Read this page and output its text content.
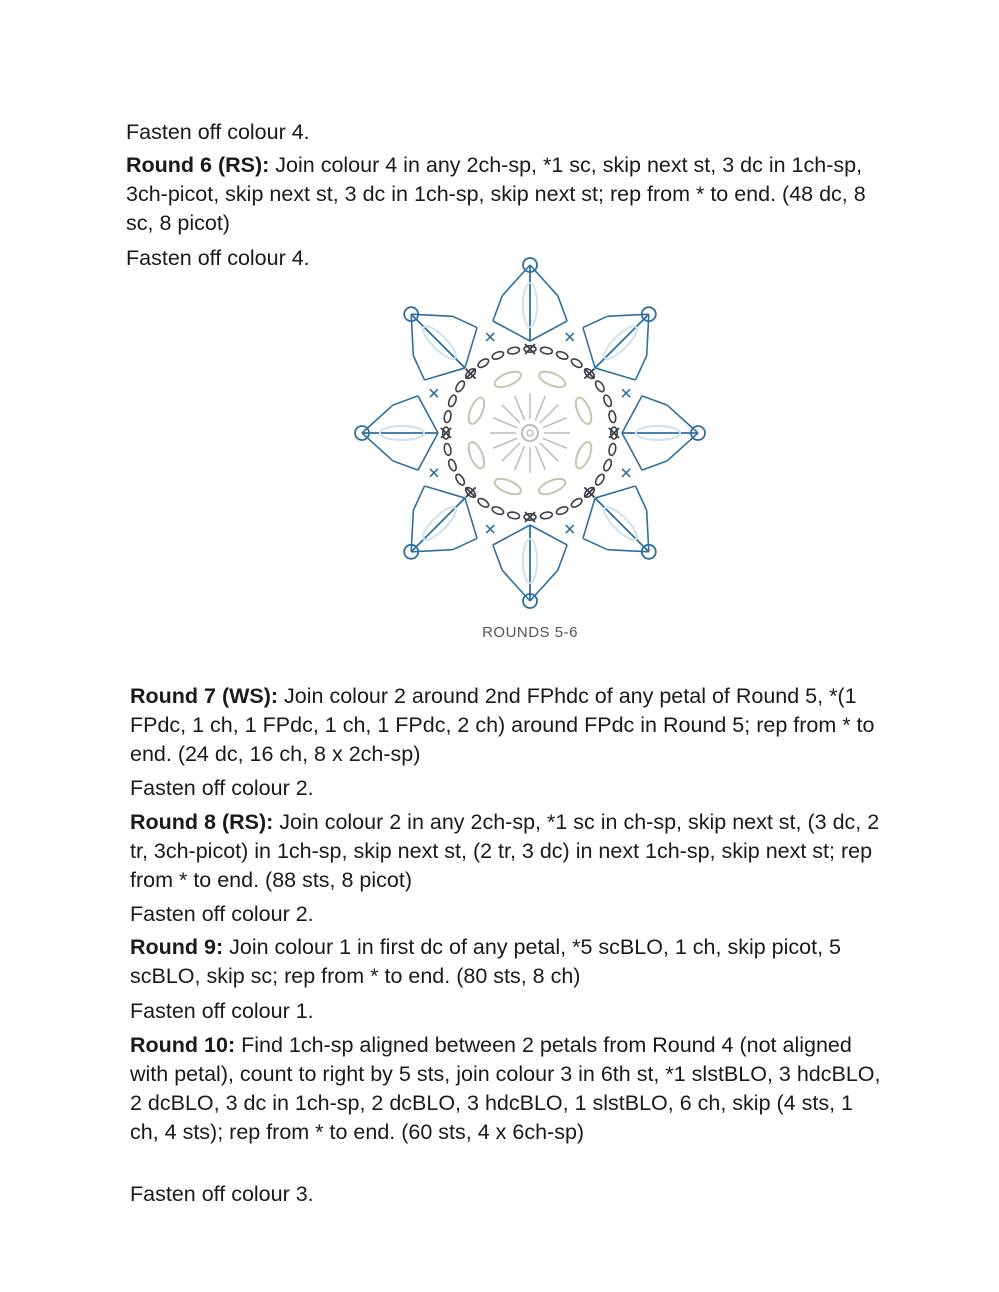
Fasten off colour 4.

Round 6 (RS): Join colour 4 in any 2ch-sp, *1 sc, skip next st, 3 dc in 1ch-sp, 3ch-picot, skip next st, 3 dc in 1ch-sp, skip next st; rep from * to end. (48 dc, 8 sc, 8 picot)

Fasten off colour 4.

ROUNDS 5-6

Round 7 (WS): Join colour 2 around 2nd FPhdc of any petal of Round 5, *(1 FPdc, 1 ch, 1 FPdc, 1 ch, 1 FPdc, 2 ch) around FPdc in Round 5; rep from * to end. (24 dc, 16 ch, 8 x 2ch-sp)

Fasten off colour 2.

Round 8 (RS): Join colour 2 in any 2ch-sp, *1 sc in ch-sp, skip next st, (3 dc, 2 tr, 3ch-picot) in 1ch-sp, skip next st, (2 tr, 3 dc) in next 1ch-sp, skip next st; rep from * to end. (88 sts, 8 picot)

Fasten off colour 2.

Round 9: Join colour 1 in first dc of any petal, *5 scBLO, 1 ch, skip picot, 5 scBLO, skip sc; rep from * to end. (80 sts, 8 ch)

Fasten off colour 1.

Round 10: Find 1ch-sp aligned between 2 petals from Round 4 (not aligned with petal), count to right by 5 sts, join colour 3 in 6th st, *1 slstBLO, 3 hdcBLO, 2 dcBLO, 3 dc in 1ch-sp, 2 dcBLO, 3 hdcBLO, 1 slstBLO, 6 ch, skip (4 sts, 1 ch, 4 sts); rep from * to end. (60 sts, 4 x 6ch-sp)

Fasten off colour 3.
